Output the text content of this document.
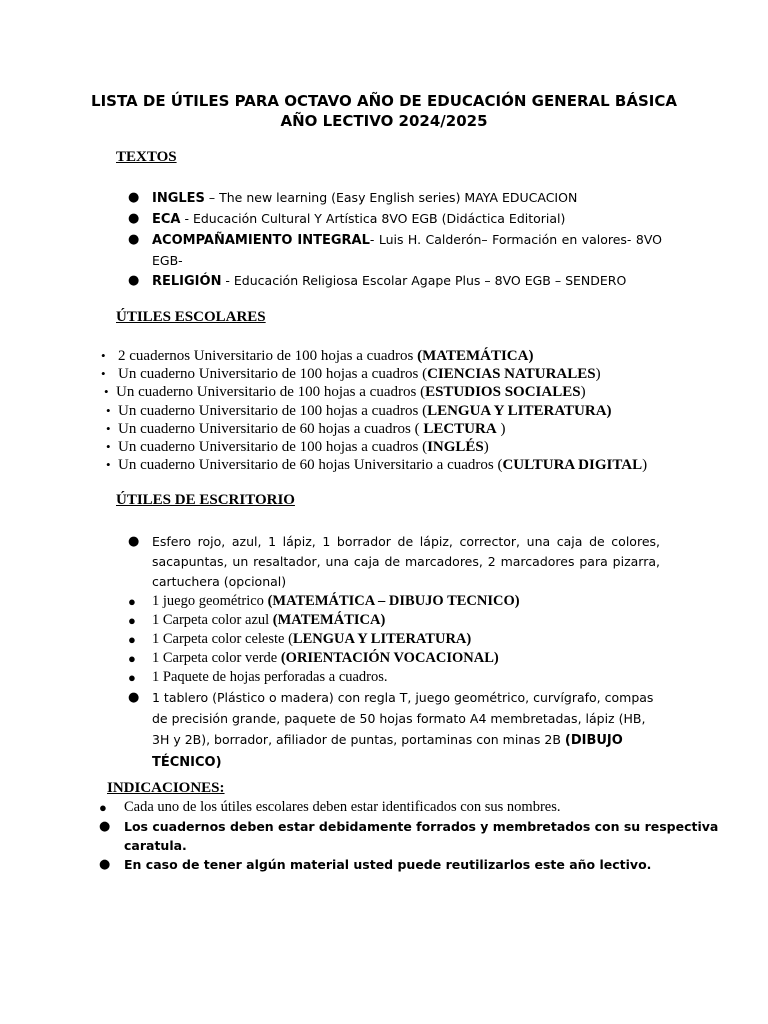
LISTA DE ÚTILES PARA OCTAVO AÑO DE EDUCACIÓN GENERAL BÁSICA
AÑO LECTIVO 2024/2025
TEXTOS
● INGLES – The new learning (Easy English series) MAYA EDUCACION
● ECA - Educación Cultural Y Artística 8VO EGB (Didáctica Editorial)
● ACOMPAÑAMIENTO INTEGRAL- Luis H. Calderón– Formación en valores- 8VO EGB-
● RELIGIÓN - Educación Religiosa Escolar Agape Plus – 8VO EGB – SENDERO
ÚTILES ESCOLARES
• 2 cuadernos Universitario de 100 hojas a cuadros (MATEMÁTICA)
• Un cuaderno Universitario de 100 hojas a cuadros (CIENCIAS NATURALES)
• Un cuaderno Universitario de 100 hojas a cuadros (ESTUDIOS SOCIALES)
• Un cuaderno Universitario de 100 hojas a cuadros (LENGUA Y LITERATURA)
• Un cuaderno Universitario de 60 hojas a cuadros ( LECTURA )
• Un cuaderno Universitario de 100 hojas a cuadros (INGLÉS)
• Un cuaderno Universitario de 60 hojas Universitario a cuadros (CULTURA DIGITAL)
ÚTILES DE ESCRITORIO
● Esfero rojo, azul, 1 lápiz, 1 borrador de lápiz, corrector, una caja de colores, sacapuntas, un resaltador, una caja de marcadores, 2 marcadores para pizarra, cartuchera (opcional)
● 1 juego geométrico (MATEMÁTICA – DIBUJO TECNICO)
● 1 Carpeta color azul (MATEMÁTICA)
● 1 Carpeta color celeste (LENGUA Y LITERATURA)
● 1 Carpeta color verde (ORIENTACIÓN VOCACIONAL)
● 1 Paquete de hojas perforadas a cuadros.
● 1 tablero (Plástico o madera) con regla T, juego geométrico, curvígrafo, compas de precisión grande, paquete de 50 hojas formato A4 membretadas, lápiz (HB, 3H y 2B), borrador, afiliador de puntas, portaminas con minas 2B (DIBUJO TÉCNICO)
INDICACIONES:
● Cada uno de los útiles escolares deben estar identificados con sus nombres.
● Los cuadernos deben estar debidamente forrados y membretados con su respectiva caratula.
● En caso de tener algún material usted puede reutilizarlos este año lectivo.
